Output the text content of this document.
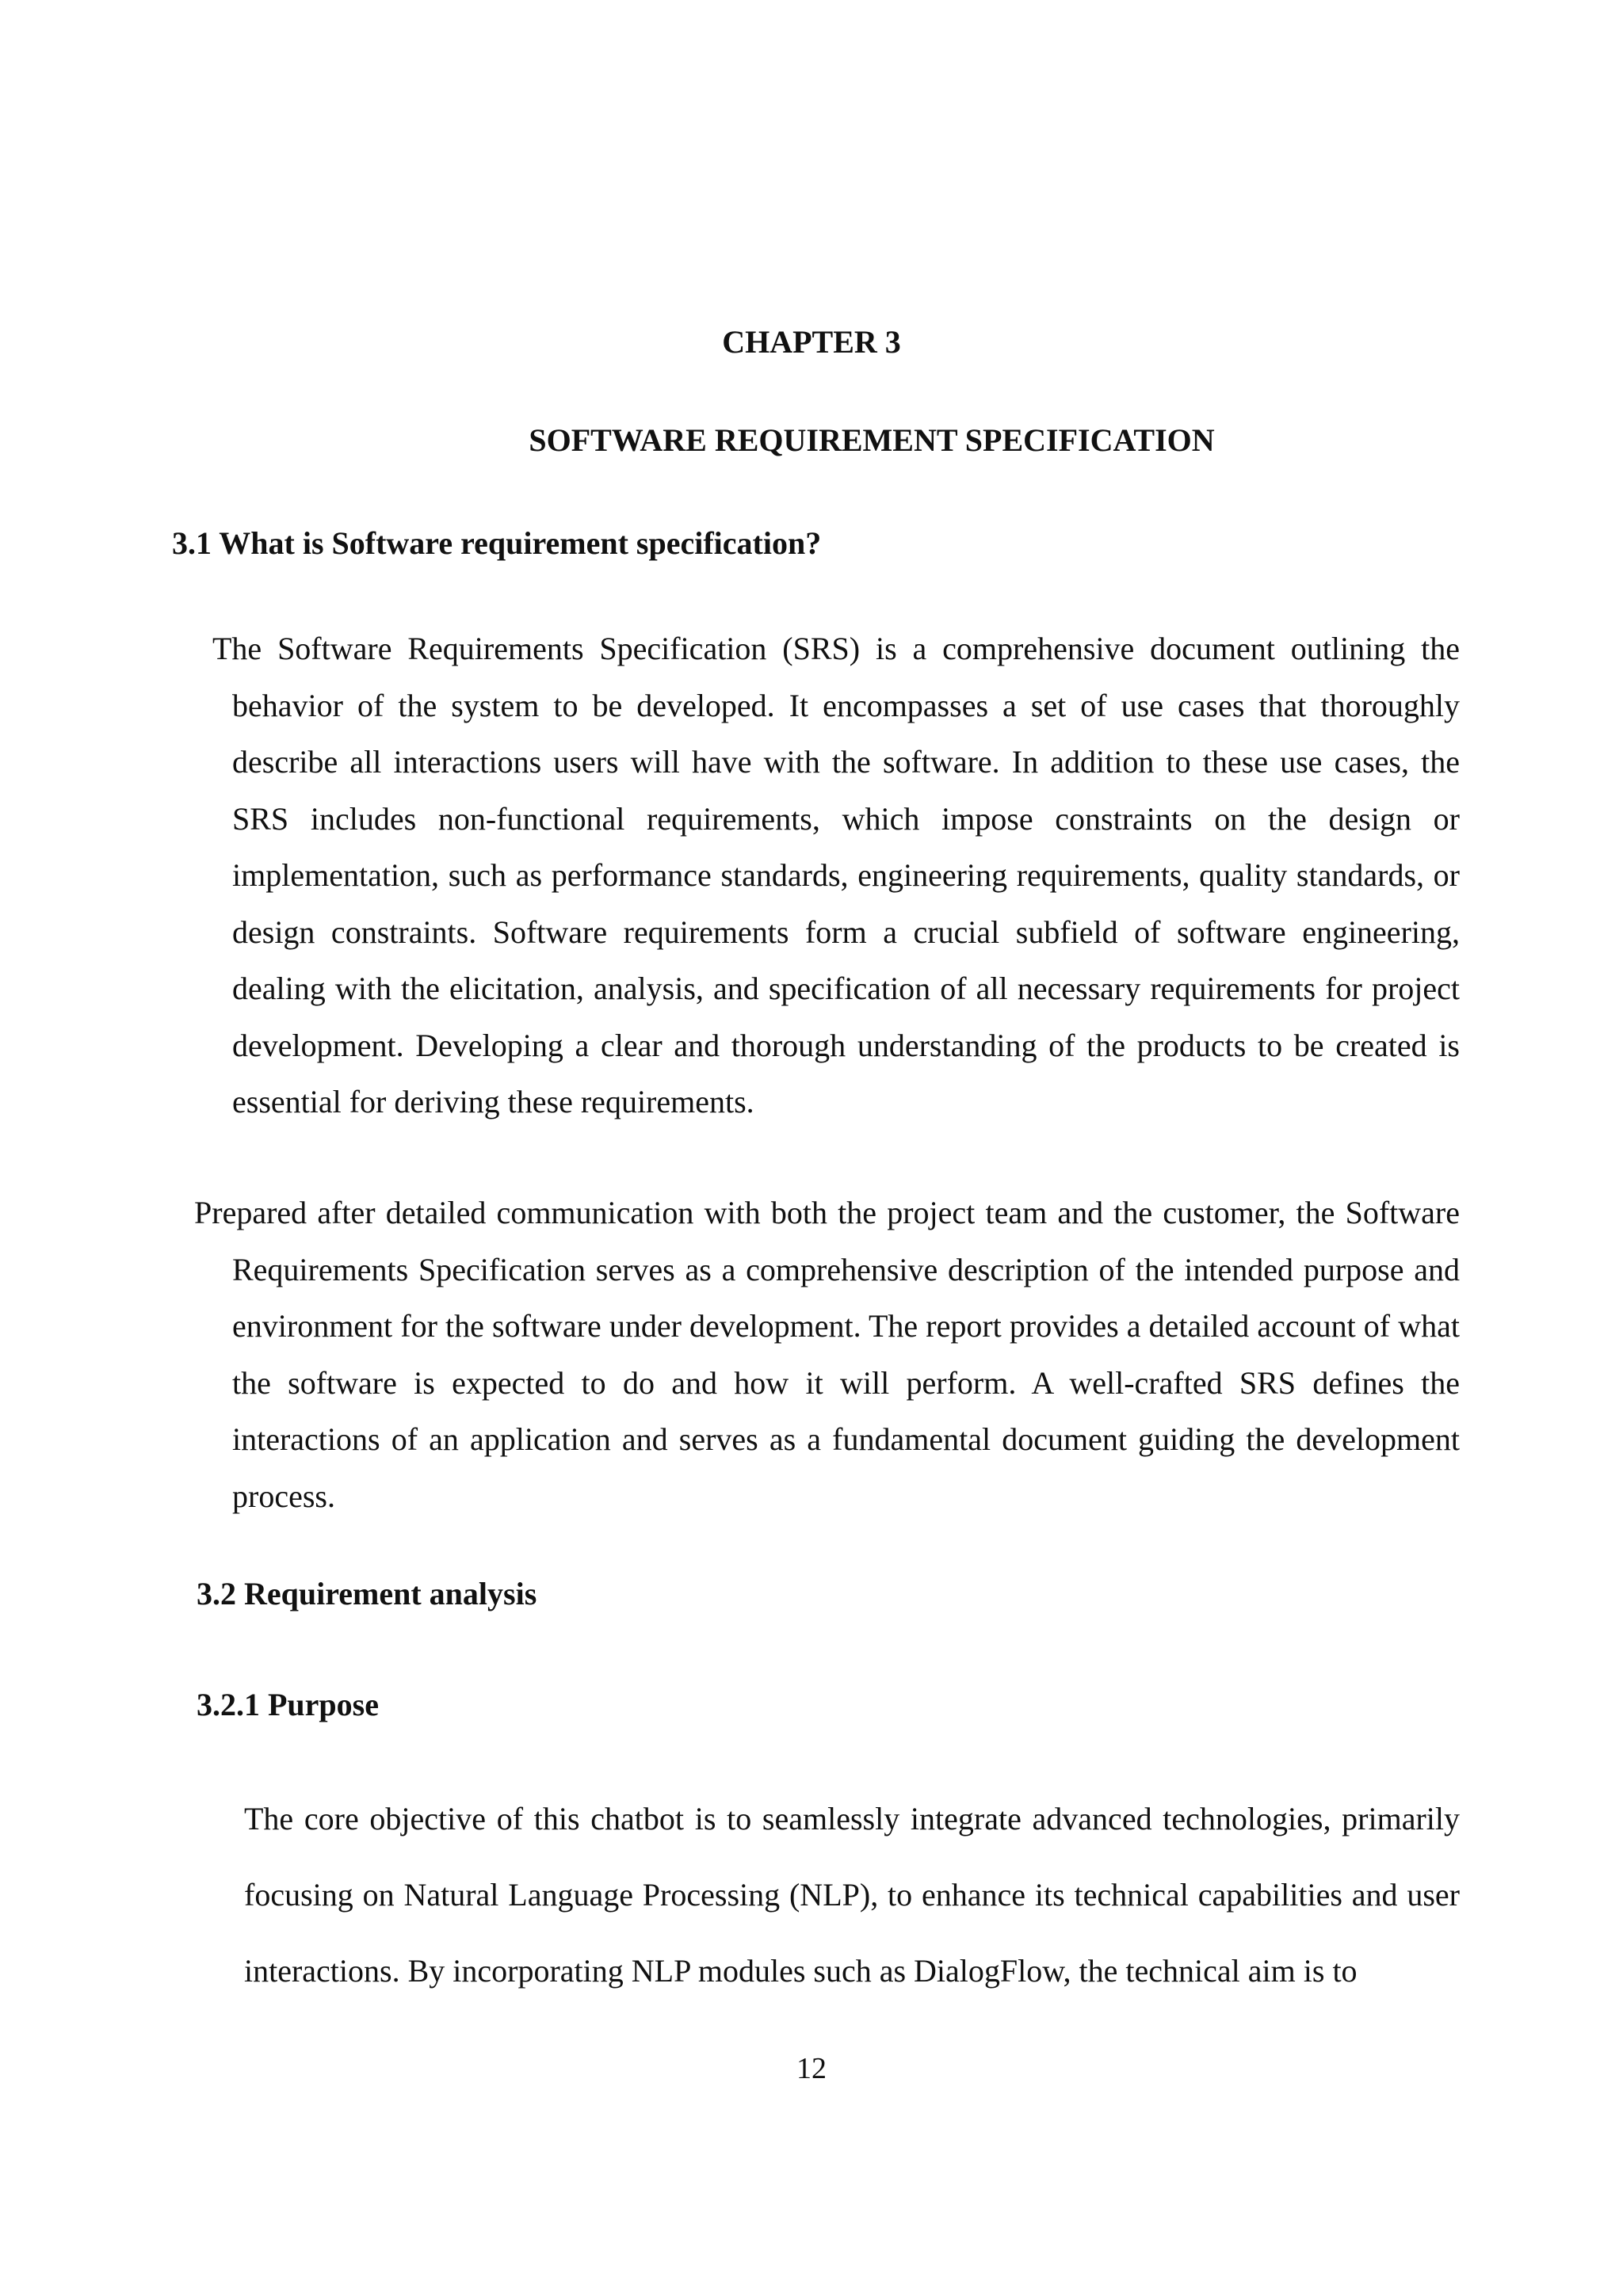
CHAPTER 3
SOFTWARE REQUIREMENT SPECIFICATION
3.1 What is Software requirement specification?

The Software Requirements Specification (SRS) is a comprehensive document outlining the behavior of the system to be developed. It encompasses a set of use cases that thoroughly describe all interactions users will have with the software. In addition to these use cases, the SRS includes non-functional requirements, which impose constraints on the design or implementation, such as performance standards, engineering requirements, quality standards, or design constraints. Software requirements form a crucial subfield of software engineering, dealing with the elicitation, analysis, and specification of all necessary requirements for project development. Developing a clear and thorough understanding of the products to be created is essential for deriving these requirements.

Prepared after detailed communication with both the project team and the customer, the Software Requirements Specification serves as a comprehensive description of the intended purpose and environment for the software under development. The report provides a detailed account of what the software is expected to do and how it will perform. A well-crafted SRS defines the interactions of an application and serves as a fundamental document guiding the development process.

3.2 Requirement analysis
3.2.1 Purpose

The core objective of this chatbot is to seamlessly integrate advanced technologies, primarily focusing on Natural Language Processing (NLP), to enhance its technical capabilities and user interactions. By incorporating NLP modules such as DialogFlow, the technical aim is to

12
